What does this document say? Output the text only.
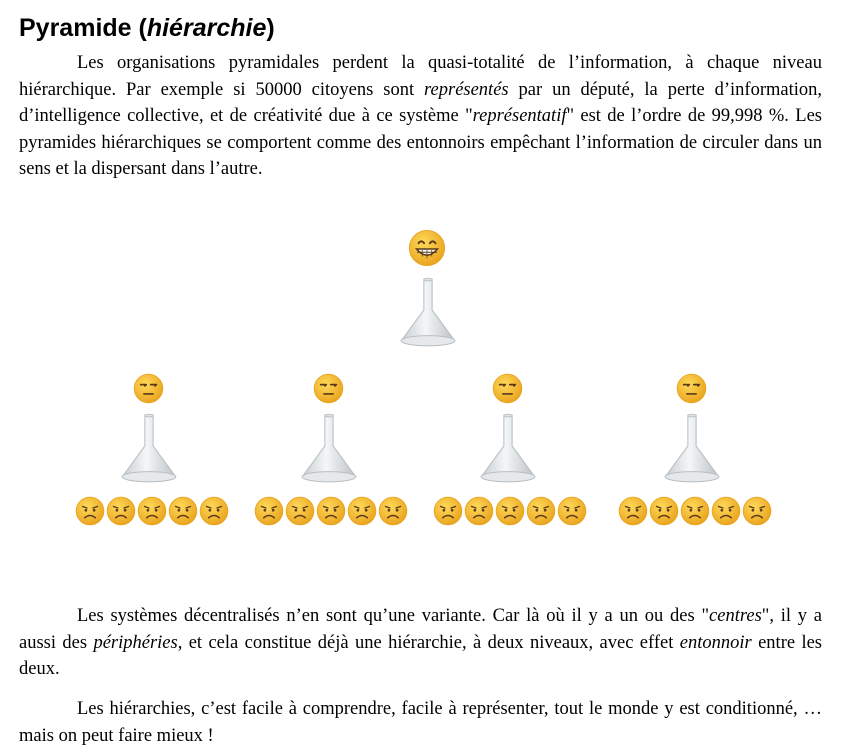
Pyramide (hiérarchie)

Les organisations pyramidales perdent la quasi-totalité de l’information, à chaque niveau hiérarchique. Par exemple si 50000 citoyens sont représentés par un député, la perte d’information, d’intelligence collective, et de créativité due à ce système "représentatif" est de l’ordre de 99,998 %. Les pyramides hiérarchiques se comportent comme des entonnoirs empêchant l’information de circuler dans un sens et la dispersant dans l’autre.

Les systèmes décentralisés n’en sont qu’une variante. Car là où il y a un ou des "centres", il y a aussi des périphéries, et cela constitue déjà une hiérarchie, à deux niveaux, avec effet entonnoir entre les deux.

Les hiérarchies, c’est facile à comprendre, facile à représenter, tout le monde y est conditionné, … mais on peut faire mieux !
